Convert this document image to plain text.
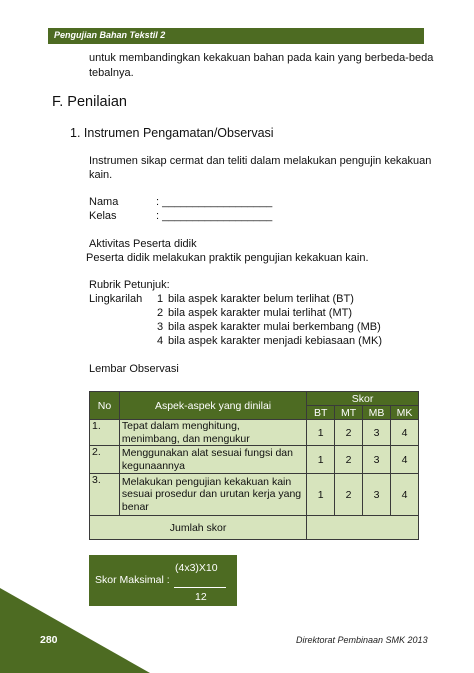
Pengujian Bahan Tekstil 2
untuk membandingkan kekakuan bahan pada kain yang berbeda-beda
tebalnya.
F. Penilaian
1. Instrumen Pengamatan/Observasi
Instrumen sikap cermat dan teliti dalam melakukan pengujin kekakuan
kain.
Nama	: __________________
Kelas	: __________________
Aktivitas Peserta didik
Peserta didik melakukan praktik pengujian kekakuan kain.
Rubrik Petunjuk:
Lingkarilah 1 bila aspek karakter belum terlihat (BT)
2 bila aspek karakter mulai terlihat (MT)
3 bila aspek karakter mulai berkembang (MB)
4 bila aspek karakter menjadi kebiasaan (MK)
Lembar Observasi
No	Aspek-aspek yang dinilai	Skor			
		BT	MT	MB	MK
1.	Tepat dalam menghitung,
menimbang, dan mengukur	1	2	3	4
2.	Menggunakan alat sesuai fungsi dan
kegunaannya	1	2	3	4
3.	Melakukan pengujian kekakuan kain
sesuai prosedur dan urutan kerja yang
benar	1	2	3	4
Jumlah skor					
(4x3)X10
Skor Maksimal :
12
280	Direktorat Pembinaan SMK 2013
